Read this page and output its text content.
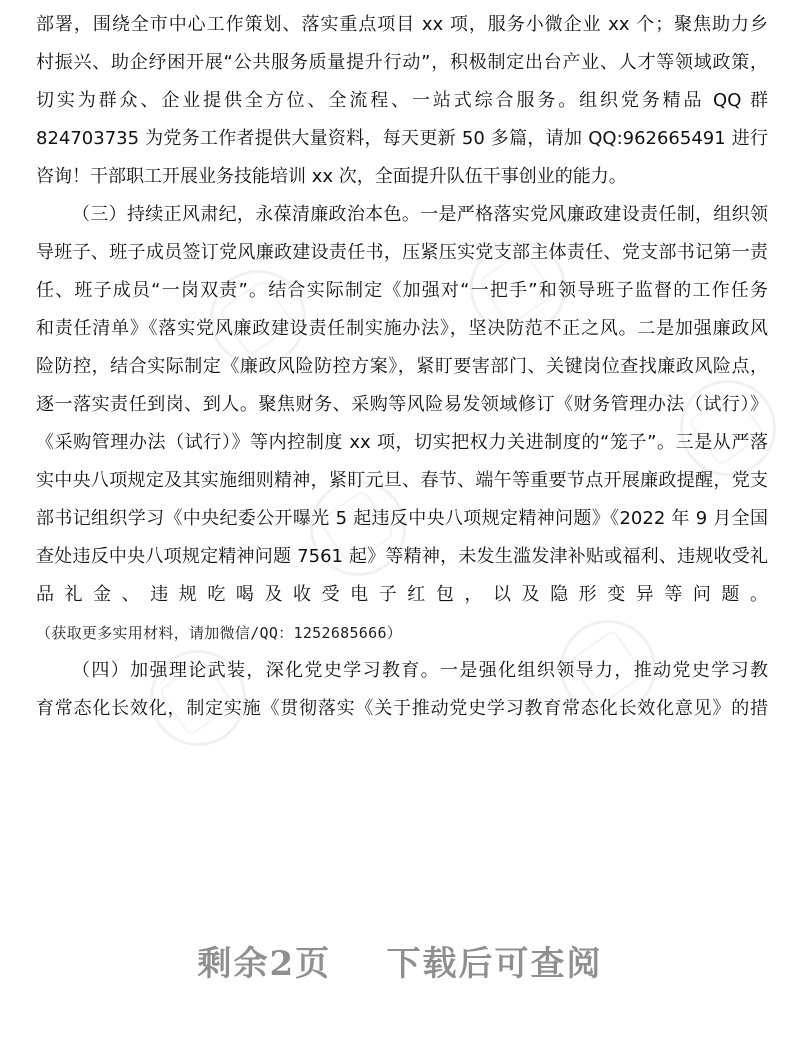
部署，围绕全市中心工作策划、落实重点项目 xx 项，服务小微企业 xx 个；聚焦助力乡
村振兴、助企纾困开展“公共服务质量提升行动”，积极制定出台产业、人才等领域政策，
切实为群众、企业提供全方位、全流程、一站式综合服务。组织党务精品 QQ 群
824703735 为党务工作者提供大量资料，每天更新 50 多篇，请加 QQ:962665491 进行
咨询！干部职工开展业务技能培训 xx 次，全面提升队伍干事创业的能力。
（三）持续正风肃纪，永葆清廉政治本色。一是严格落实党风廉政建设责任制，组织领
导班子、班子成员签订党风廉政建设责任书，压紧压实党支部主体责任、党支部书记第一责
任、班子成员“一岗双责”。结合实际制定《加强对“一把手”和领导班子监督的工作任务
和责任清单》《落实党风廉政建设责任制实施办法》，坚决防范不正之风。二是加强廉政风
险防控，结合实际制定《廉政风险防控方案》，紧盯要害部门、关键岗位查找廉政风险点，
逐一落实责任到岗、到人。聚焦财务、采购等风险易发领域修订《财务管理办法（试行）》
《采购管理办法（试行）》等内控制度 xx 项，切实把权力关进制度的“笼子”。三是从严落
实中央八项规定及其实施细则精神，紧盯元旦、春节、端午等重要节点开展廉政提醒，党支
部书记组织学习《中央纪委公开曝光 5 起违反中央八项规定精神问题》《2022 年 9 月全国
查处违反中央八项规定精神问题 7561 起》等精神，未发生滥发津补贴或福利、违规收受礼
品礼金、违规吃喝及收受电子红包，以及隐形变异等问题。
（获取更多实用材料，请加微信/QQ：1252685666）
（四）加强理论武装，深化党史学习教育。一是强化组织领导力，推动党史学习教
育常态化长效化，制定实施《贯彻落实《关于推动党史学习教育常态化长效化意见》的措
剩余2页    下载后可查阅
